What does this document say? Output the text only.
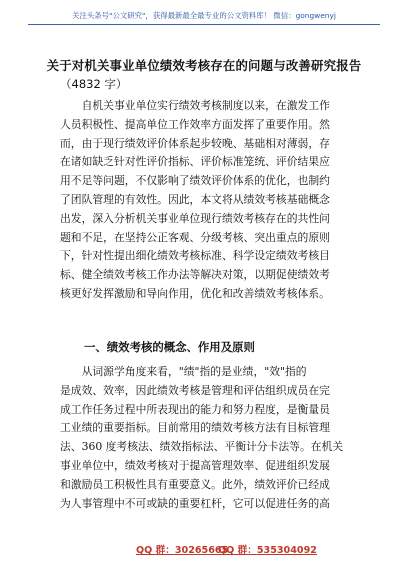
关注头条号"公文研究"，获得最新最全最专业的公文资料库！ 微信：gongwenyj
关于对机关事业单位绩效考核存在的问题与改善研究报告
（4832 字）
　　自机关事业单位实行绩效考核制度以来，在激发工作
人员积极性、提高单位工作效率方面发挥了重要作用。然
而，由于现行绩效评价体系起步较晚、基础相对薄弱，存
在诸如缺乏针对性评价指标、评价标准笼统、评价结果应
用不足等问题，不仅影响了绩效评价体系的优化，也制约
了团队管理的有效性。因此，本文将从绩效考核基础概念
出发，深入分析机关事业单位现行绩效考核存在的共性问
题和不足，在坚持公正客观、分级考核、突出重点的原则
下，针对性提出细化绩效考核标准、科学设定绩效考核目
标、健全绩效考核工作办法等解决对策，以期促使绩效考
核更好发挥激励和导向作用，优化和改善绩效考核体系。
一、绩效考核的概念、作用及原则
　　从词源学角度来看，"绩"指的是业绩，"效"指的
是成效、效率，因此绩效考核是管理和评估组织成员在完
成工作任务过程中所表现出的能力和努力程度，是衡量员
工业绩的重要指标。目前常用的绩效考核方法有目标管理
法、360 度考核法、绩效指标法、平衡计分卡法等。在机关
事业单位中，绩效考核对于提高管理效率、促进组织发展
和激励员工积极性具有重要意义。此外，绩效评价已经成
为人事管理中不可或缺的重要杠杆，它可以促进任务的高
QQ 群：30265665
QQ 群：535304092
